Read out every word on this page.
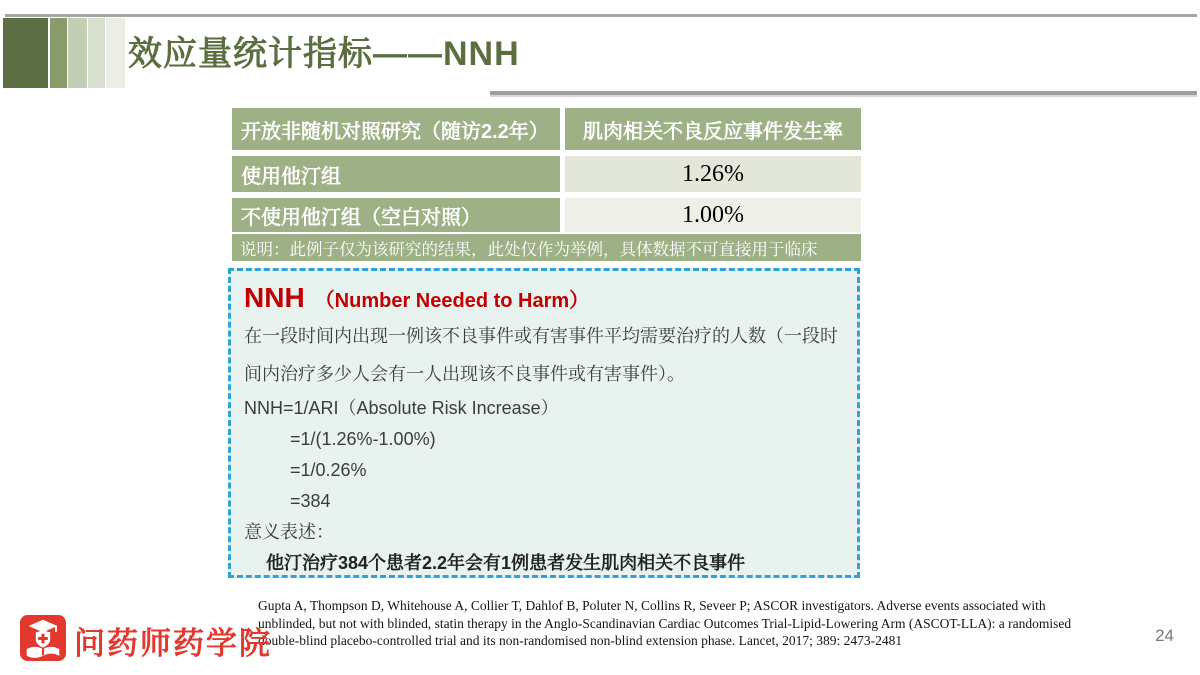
效应量统计指标——NNH
开放非随机对照研究（随访2.2年）	肌肉相关不良反应事件发生率
使用他汀组	1.26%
不使用他汀组（空白对照）	1.00%
说明：此例子仅为该研究的结果，此处仅作为举例，具体数据不可直接用于临床
NNH （Number Needed to Harm）
在一段时间内出现一例该不良事件或有害事件平均需要治疗的人数（一段时间内治疗多少人会有一人出现该不良事件或有害事件）。
NNH=1/ARI（Absolute Risk Increase）
=1/(1.26%-1.00%)
=1/0.26%
=384
意义表述：
他汀治疗384个患者2.2年会有1例患者发生肌肉相关不良事件
Gupta A, Thompson D, Whitehouse A, Collier T, Dahlof B, Poluter N, Collins R, Seveer P; ASCOR investigators. Adverse events associated with
unblinded, but not with blinded, statin therapy in the Anglo-Scandinavian Cardiac Outcomes Trial-Lipid-Lowering Arm (ASCOT-LLA): a randomised
double-blind placebo-controlled trial and its non-randomised non-blind extension phase. Lancet, 2017; 389: 2473-2481
问药师药学院	24
